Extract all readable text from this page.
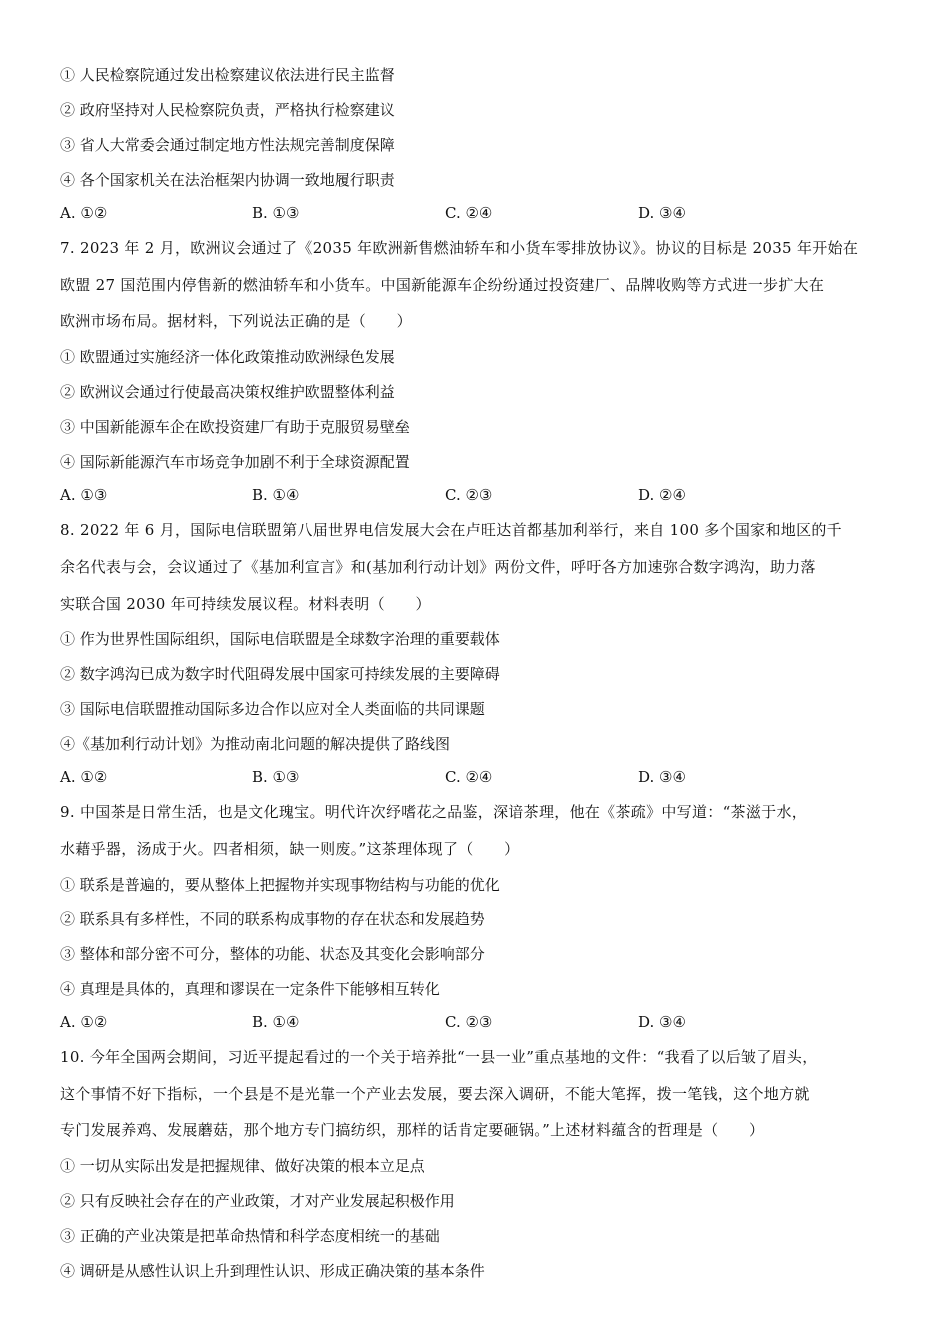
① 人民检察院通过发出检察建议依法进行民主监督
② 政府坚持对人民检察院负责，严格执行检察建议
③ 省人大常委会通过制定地方性法规完善制度保障
④ 各个国家机关在法治框架内协调一致地履行职责
A. ①②	B. ①③	C. ②④	D. ③④
7. 2023 年 2 月，欧洲议会通过了《2035 年欧洲新售燃油轿车和小货车零排放协议》。协议的目标是 2035 年开始在
欧盟 27 国范围内停售新的燃油轿车和小货车。中国新能源车企纷纷通过投资建厂、品牌收购等方式进一步扩大在
欧洲市场布局。据材料，下列说法正确的是（　　）
① 欧盟通过实施经济一体化政策推动欧洲绿色发展
② 欧洲议会通过行使最高决策权维护欧盟整体利益
③ 中国新能源车企在欧投资建厂有助于克服贸易壁垒
④ 国际新能源汽车市场竞争加剧不利于全球资源配置
A. ①③	B. ①④	C. ②③	D. ②④
8. 2022 年 6 月，国际电信联盟第八届世界电信发展大会在卢旺达首都基加利举行，来自 100 多个国家和地区的千
余名代表与会，会议通过了《基加利宣言》和(基加利行动计划》两份文件，呼吁各方加速弥合数字鸿沟，助力落
实联合国 2030 年可持续发展议程。材料表明（　　）
① 作为世界性国际组织，国际电信联盟是全球数字治理的重要载体
② 数字鸿沟已成为数字时代阻碍发展中国家可持续发展的主要障碍
③ 国际电信联盟推动国际多边合作以应对全人类面临的共同课题
④《基加利行动计划》为推动南北问题的解决提供了路线图
A. ①②	B. ①③	C. ②④	D. ③④
9. 中国茶是日常生活，也是文化瑰宝。明代许次纾嗜花之品鉴，深谙茶理，他在《茶疏》中写道：“茶滋于水，
水藉乎器，汤成于火。四者相须，缺一则废。”这茶理体现了（　　）
① 联系是普遍的，要从整体上把握物并实现事物结构与功能的优化
② 联系具有多样性，不同的联系构成事物的存在状态和发展趋势
③ 整体和部分密不可分，整体的功能、状态及其变化会影响部分
④ 真理是具体的，真理和谬误在一定条件下能够相互转化
A. ①②	B. ①④	C. ②③	D. ③④
10. 今年全国两会期间，习近平提起看过的一个关于培养批“一县一业”重点基地的文件：“我看了以后皱了眉头，
这个事情不好下指标，一个县是不是光靠一个产业去发展，要去深入调研，不能大笔挥，拨一笔钱，这个地方就
专门发展养鸡、发展蘑菇，那个地方专门搞纺织，那样的话肯定要砸锅。”上述材料蕴含的哲理是（　　）
① 一切从实际出发是把握规律、做好决策的根本立足点
② 只有反映社会存在的产业政策，才对产业发展起积极作用
③ 正确的产业决策是把革命热情和科学态度相统一的基础
④ 调研是从感性认识上升到理性认识、形成正确决策的基本条件
